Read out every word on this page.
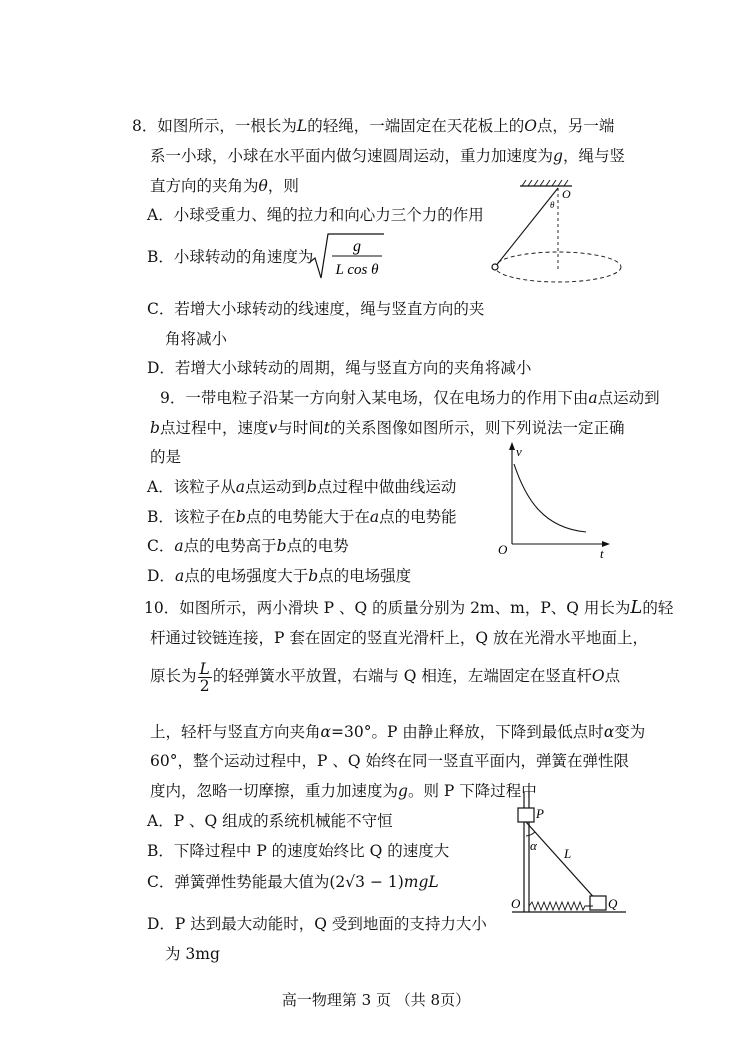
8．如图所示，一根长为L的轻绳，一端固定在天花板上的O点，另一端
系一小球，小球在水平面内做匀速圆周运动，重力加速度为g，绳与竖
直方向的夹角为θ，则
A．小球受重力、绳的拉力和向心力三个力的作用
B．小球转动的角速度为
g
L cos θ
C．若增大小球转动的线速度，绳与竖直方向的夹
角将减小
D．若增大小球转动的周期，绳与竖直方向的夹角将减小
O
θ
9．一带电粒子沿某一方向射入某电场，仅在电场力的作用下由a点运动到
b点过程中，速度v与时间t的关系图像如图所示，则下列说法一定正确
的是
A．该粒子从a点运动到b点过程中做曲线运动
B．该粒子在b点的电势能大于在a点的电势能
C．a点的电势高于b点的电势
D．a点的电场强度大于b点的电场强度
v
O	t
10．如图所示，两小滑块 P 、Q 的质量分别为 2m、m，P、Q 用长为L的轻
杆通过铰链连接，P 套在固定的竖直光滑杆上，Q 放在光滑水平地面上，
原长为 $\frac{L}{2}$ 的轻弹簧水平放置，右端与 Q 相连，左端固定在竖直杆O点
上，轻杆与竖直方向夹角α=30°。P 由静止释放，下降到最低点时α变为
60°，整个运动过程中，P 、Q 始终在同一竖直平面内，弹簧在弹性限
度内，忽略一切摩擦，重力加速度为g。则 P 下降过程中
A．P 、Q 组成的系统机械能不守恒
B．下降过程中 P 的速度始终比 Q 的速度大
C．弹簧弹性势能最大值为(2√3 − 1)mgL
D．P 达到最大动能时，Q 受到地面的支持力大小
为 3mg
P
α
L
O	Q
高一物理第 3 页 （共 8页）
